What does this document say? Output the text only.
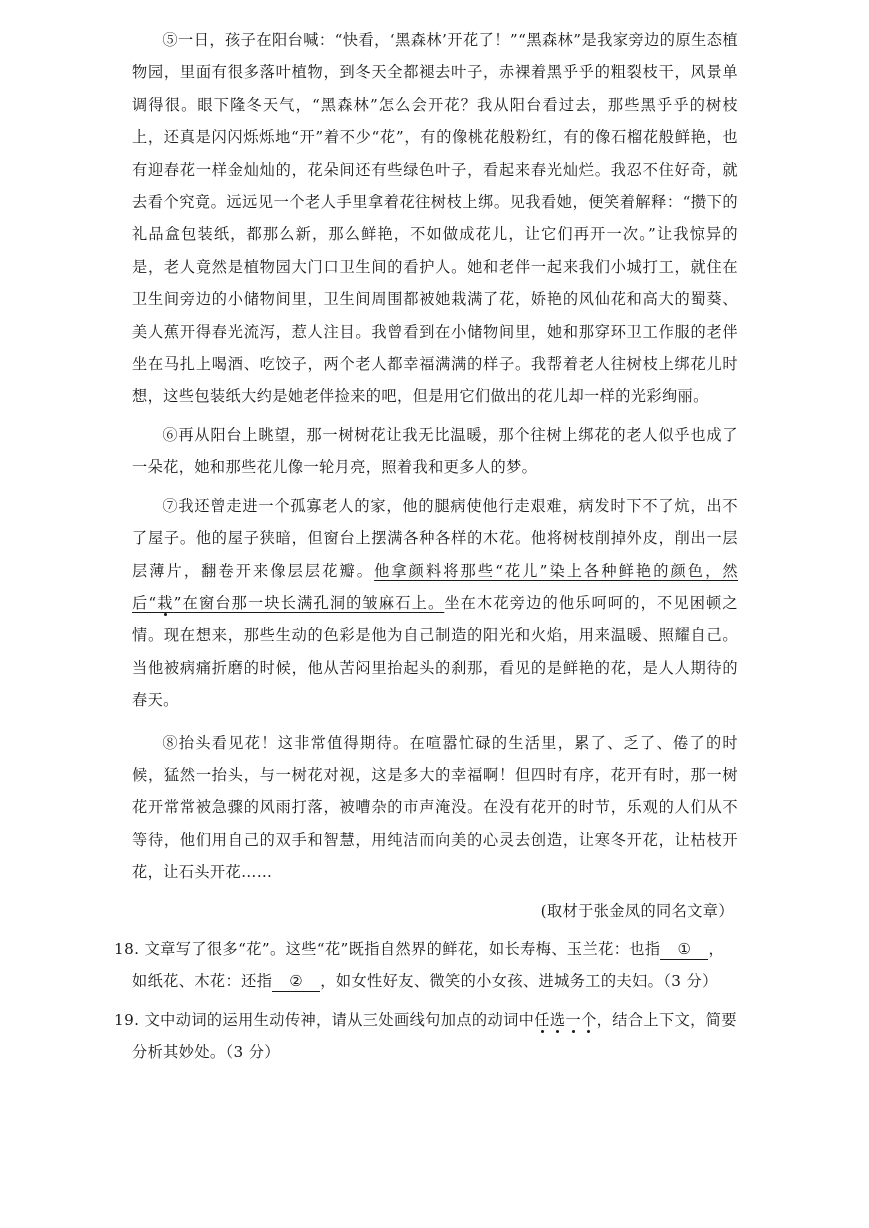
⑤一日，孩子在阳台喊：“快看，‘黑森林’开花了！”“黑森林”是我家旁边的原生态植物园，里面有很多落叶植物，到冬天全都褪去叶子，赤裸着黑乎乎的粗裂枝干，风景单调得很。眼下隆冬天气，“黑森林”怎么会开花？我从阳台看过去，那些黑乎乎的树枝上，还真是闪闪烁烁地“开”着不少“花”，有的像桃花般粉红，有的像石榴花般鲜艳，也有迎春花一样金灿灿的，花朵间还有些绿色叶子，看起来春光灿烂。我忍不住好奇，就去看个究竟。远远见一个老人手里拿着花往树枝上绑。见我看她，便笑着解释：“攒下的礼品盒包装纸，都那么新，那么鲜艳，不如做成花儿，让它们再开一次。”让我惊异的是，老人竟然是植物园大门口卫生间的看护人。她和老伴一起来我们小城打工，就住在卫生间旁边的小储物间里，卫生间周围都被她栽满了花，娇艳的风仙花和高大的蜀葵、美人蕉开得春光流泻，惹人注目。我曾看到在小储物间里，她和那穿环卫工作服的老伴坐在马扎上喝酒、吃饺子，两个老人都幸福满满的样子。我帮着老人往树枝上绑花儿时想，这些包装纸大约是她老伴捡来的吧，但是用它们做出的花儿却一样的光彩绚丽。

⑥再从阳台上眺望，那一树树花让我无比温暖，那个往树上绑花的老人似乎也成了一朵花，她和那些花儿像一轮月亮，照着我和更多人的梦。

⑦我还曾走进一个孤寡老人的家，他的腿病使他行走艰难，病发时下不了炕，出不了屋子。他的屋子狭暗，但窗台上摆满各种各样的木花。他将树枝削掉外皮，削出一层层薄片，翻卷开来像层层花瓣。他拿颜料将那些“花儿”染上各种鲜艳的颜色，然后“栽”在窗台那一块长满孔洞的皱麻石上。坐在木花旁边的他乐呵呵的，不见困顿之情。现在想来，那些生动的色彩是他为自己制造的阳光和火焰，用来温暖、照耀自己。当他被病痛折磨的时候，他从苦闷里抬起头的刹那，看见的是鲜艳的花，是人人期待的春天。

⑧抬头看见花！这非常值得期待。在喧嚣忙碌的生活里，累了、乏了、倦了的时候，猛然一抬头，与一树花对视，这是多大的幸福啊！但四时有序，花开有时，那一树花开常常被急骤的风雨打落，被嘈杂的市声淹没。在没有花开的时节，乐观的人们从不等待，他们用自己的双手和智慧，用纯洁而向美的心灵去创造，让寒冬开花，让枯枝开花，让石头开花……

(取材于张金凤的同名文章）

18. 文章写了很多“花”。这些“花”既指自然界的鲜花，如长寿梅、玉兰花：也指 ① ，
如纸花、木花：还指 ② ，如女性好友、微笑的小女孩、进城务工的夫妇。（3 分）
19. 文中动词的运用生动传神，请从三处画线句加点的动词中任选一个，结合上下文，简要
分析其妙处。（3 分）
